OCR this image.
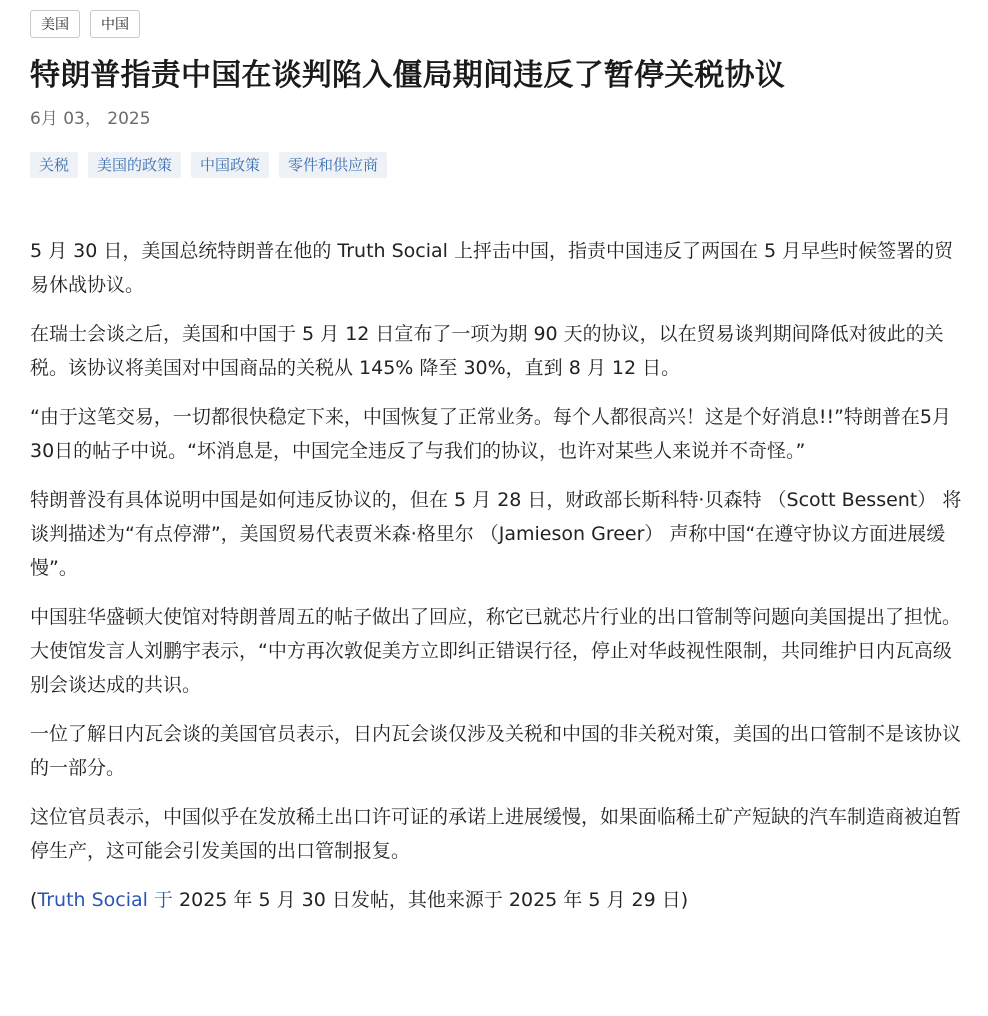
美国	中国
特朗普指责中国在谈判陷入僵局期间违反了暂停关税协议
6月 03， 2025
关税	美国的政策	中国政策	零件和供应商

5 月 30 日，美国总统特朗普在他的 Truth Social 上抨击中国，指责中国违反了两国在 5 月早些时候签署的贸易休战协议。

在瑞士会谈之后，美国和中国于 5 月 12 日宣布了一项为期 90 天的协议，以在贸易谈判期间降低对彼此的关税。该协议将美国对中国商品的关税从 145% 降至 30%，直到 8 月 12 日。

“由于这笔交易，一切都很快稳定下来，中国恢复了正常业务。每个人都很高兴！这是个好消息!!”特朗普在5月30日的帖子中说。“坏消息是，中国完全违反了与我们的协议，也许对某些人来说并不奇怪。”

特朗普没有具体说明中国是如何违反协议的，但在 5 月 28 日，财政部长斯科特·贝森特 （Scott Bessent） 将谈判描述为“有点停滞”，美国贸易代表贾米森·格里尔 （Jamieson Greer） 声称中国“在遵守协议方面进展缓慢”。

中国驻华盛顿大使馆对特朗普周五的帖子做出了回应，称它已就芯片行业的出口管制等问题向美国提出了担忧。大使馆发言人刘鹏宇表示，“中方再次敦促美方立即纠正错误行径，停止对华歧视性限制，共同维护日内瓦高级别会谈达成的共识。

一位了解日内瓦会谈的美国官员表示，日内瓦会谈仅涉及关税和中国的非关税对策，美国的出口管制不是该协议的一部分。

这位官员表示，中国似乎在发放稀土出口许可证的承诺上进展缓慢，如果面临稀土矿产短缺的汽车制造商被迫暂停生产，这可能会引发美国的出口管制报复。

(Truth Social 于 2025 年 5 月 30 日发帖，其他来源于 2025 年 5 月 29 日)
